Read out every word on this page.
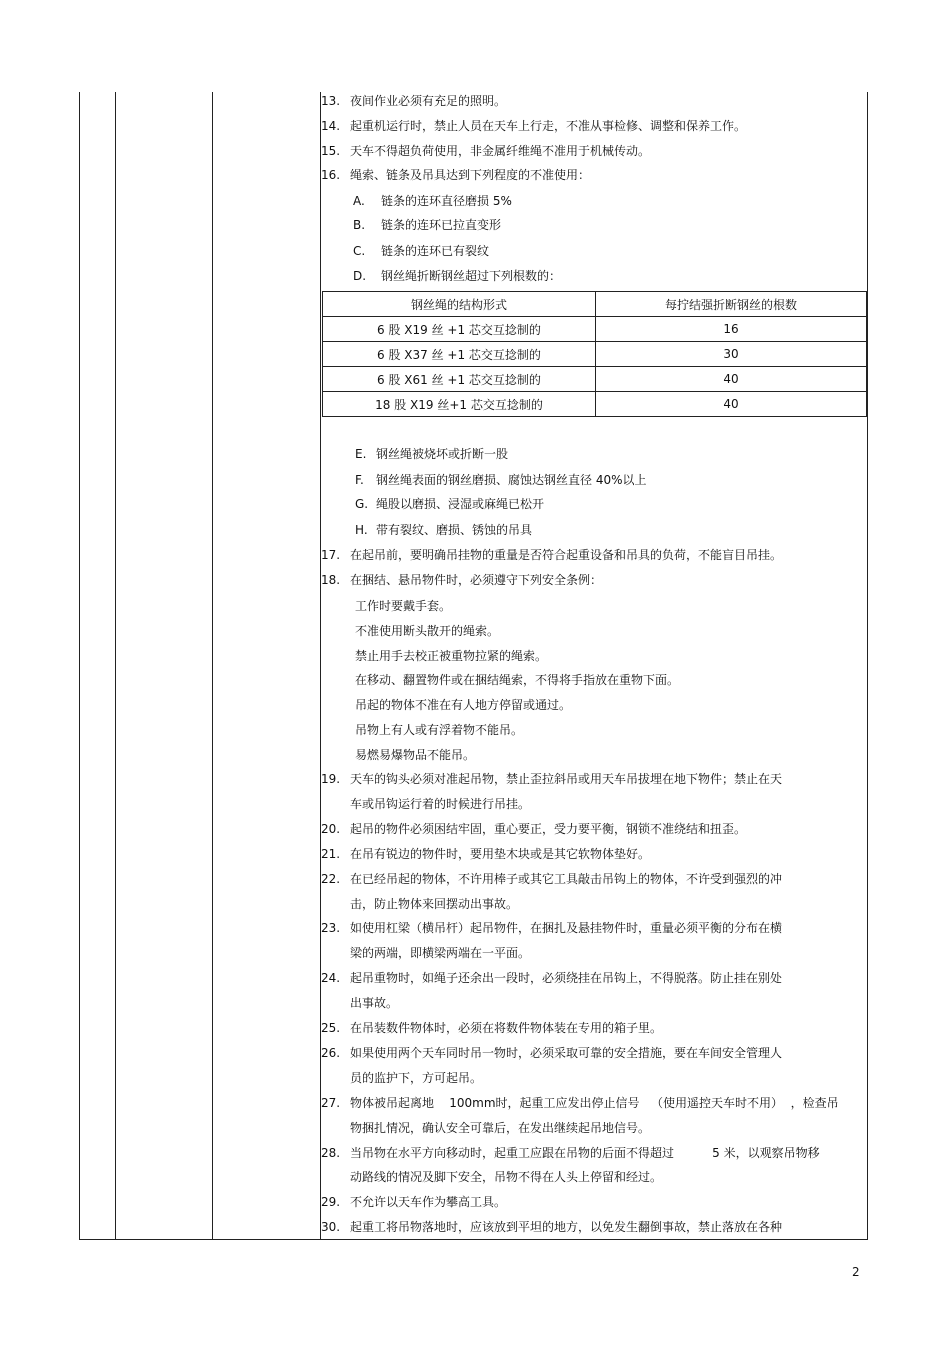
13. 夜间作业必须有充足的照明。
14. 起重机运行时，禁止人员在天车上行走，不准从事检修、调整和保养工作。
15. 天车不得超负荷使用，非金属纤维绳不准用于机械传动。
16. 绳索、链条及吊具达到下列程度的不准使用：
A. 链条的连环直径磨损 5%
B. 链条的连环已拉直变形
C. 链条的连环已有裂纹
D. 钢丝绳折断钢丝超过下列根数的：
钢丝绳的结构形式	每拧结强折断钢丝的根数
6 股 X19 丝 +1 芯交互捻制的	16
6 股 X37 丝 +1 芯交互捻制的	30
6 股 X61 丝 +1 芯交互捻制的	40
18 股 X19 丝+1 芯交互捻制的	40
E. 钢丝绳被烧坏或折断一股
F. 钢丝绳表面的钢丝磨损、腐蚀达钢丝直径 40%以上
G. 绳股以磨损、浸湿或麻绳已松开
H. 带有裂纹、磨损、锈蚀的吊具
17. 在起吊前，要明确吊挂物的重量是否符合起重设备和吊具的负荷，不能盲目吊挂。
18. 在捆结、悬吊物件时，必须遵守下列安全条例：
工作时要戴手套。
不准使用断头散开的绳索。
禁止用手去校正被重物拉紧的绳索。
在移动、翻置物件或在捆结绳索，不得将手指放在重物下面。
吊起的物体不准在有人地方停留或通过。
吊物上有人或有浮着物不能吊。
易燃易爆物品不能吊。
19. 天车的钩头必须对准起吊物，禁止歪拉斜吊或用天车吊拔埋在地下物件；禁止在天
车或吊钩运行着的时候进行吊挂。
20. 起吊的物件必须困结牢固，重心要正，受力要平衡，钢锁不准绕结和扭歪。
21. 在吊有锐边的物件时，要用垫木块或是其它软物体垫好。
22. 在已经吊起的物体，不许用棒子或其它工具敲击吊钩上的物体，不许受到强烈的冲
击，防止物体来回摆动出事故。
23. 如使用杠梁（横吊杆）起吊物件，在捆扎及悬挂物件时，重量必须平衡的分布在横
梁的两端，即横梁两端在一平面。
24. 起吊重物时，如绳子还余出一段时，必须绕挂在吊钩上，不得脱落。防止挂在别处
出事故。
25. 在吊装数件物体时，必须在将数件物体装在专用的箱子里。
26. 如果使用两个天车同时吊一物时，必须采取可靠的安全措施，要在车间安全管理人
员的监护下，方可起吊。
27. 物体被吊起离地    100mm时，起重工应发出停止信号   （使用遥控天车时不用）  ，检查吊
物捆扎情况，确认安全可靠后，在发出继续起吊地信号。
28. 当吊物在水平方向移动时，起重工应跟在吊物的后面不得超过          5 米，以观察吊物移
动路线的情况及脚下安全，吊物不得在人头上停留和经过。
29. 不允许以天车作为攀高工具。
30. 起重工将吊物落地时，应该放到平坦的地方，以免发生翻倒事故，禁止落放在各种
2
